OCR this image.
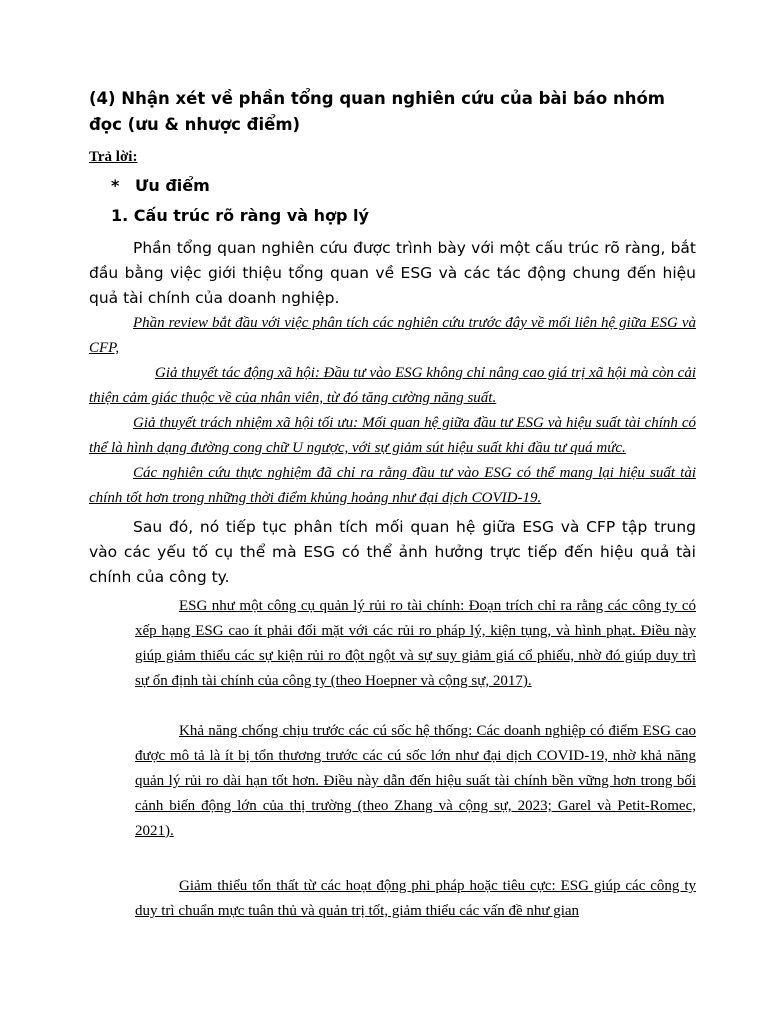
(4) Nhận xét về phần tổng quan nghiên cứu của bài báo nhóm đọc (ưu & nhược điểm)

Trả lời:
* Ưu điểm
1. Cấu trúc rõ ràng và hợp lý

Phần tổng quan nghiên cứu được trình bày với một cấu trúc rõ ràng, bắt đầu bằng việc giới thiệu tổng quan về ESG và các tác động chung đến hiệu quả tài chính của doanh nghiệp.

Phần review bắt đầu với việc phân tích các nghiên cứu trước đây về mối liên hệ giữa ESG và CFP,

Giả thuyết tác động xã hội: Đầu tư vào ESG không chỉ nâng cao giá trị xã hội mà còn cải thiện cảm giác thuộc về của nhân viên, từ đó tăng cường năng suất.

Giả thuyết trách nhiệm xã hội tối ưu: Mối quan hệ giữa đầu tư ESG và hiệu suất tài chính có thể là hình dạng đường cong chữ U ngược, với sự giảm sút hiệu suất khi đầu tư quá mức.

Các nghiên cứu thực nghiệm đã chỉ ra rằng đầu tư vào ESG có thể mang lại hiệu suất tài chính tốt hơn trong những thời điểm khủng hoảng như đại dịch COVID-19.

Sau đó, nó tiếp tục phân tích mối quan hệ giữa ESG và CFP tập trung vào các yếu tố cụ thể mà ESG có thể ảnh hưởng trực tiếp đến hiệu quả tài chính của công ty.

ESG như một công cụ quản lý rủi ro tài chính: Đoạn trích chỉ ra rằng các công ty có xếp hạng ESG cao ít phải đối mặt với các rủi ro pháp lý, kiện tụng, và hình phạt. Điều này giúp giảm thiểu các sự kiện rủi ro đột ngột và sự suy giảm giá cổ phiếu, nhờ đó giúp duy trì sự ổn định tài chính của công ty (theo Hoepner và cộng sự, 2017).

Khả năng chống chịu trước các cú sốc hệ thống: Các doanh nghiệp có điểm ESG cao được mô tả là ít bị tổn thương trước các cú sốc lớn như đại dịch COVID-19, nhờ khả năng quản lý rủi ro dài hạn tốt hơn. Điều này dẫn đến hiệu suất tài chính bền vững hơn trong bối cảnh biến động lớn của thị trường (theo Zhang và cộng sự, 2023; Garel và Petit-Romec, 2021).

Giảm thiểu tổn thất từ các hoạt động phi pháp hoặc tiêu cực: ESG giúp các công ty duy trì chuẩn mực tuân thủ và quản trị tốt, giảm thiểu các vấn đề như gian
